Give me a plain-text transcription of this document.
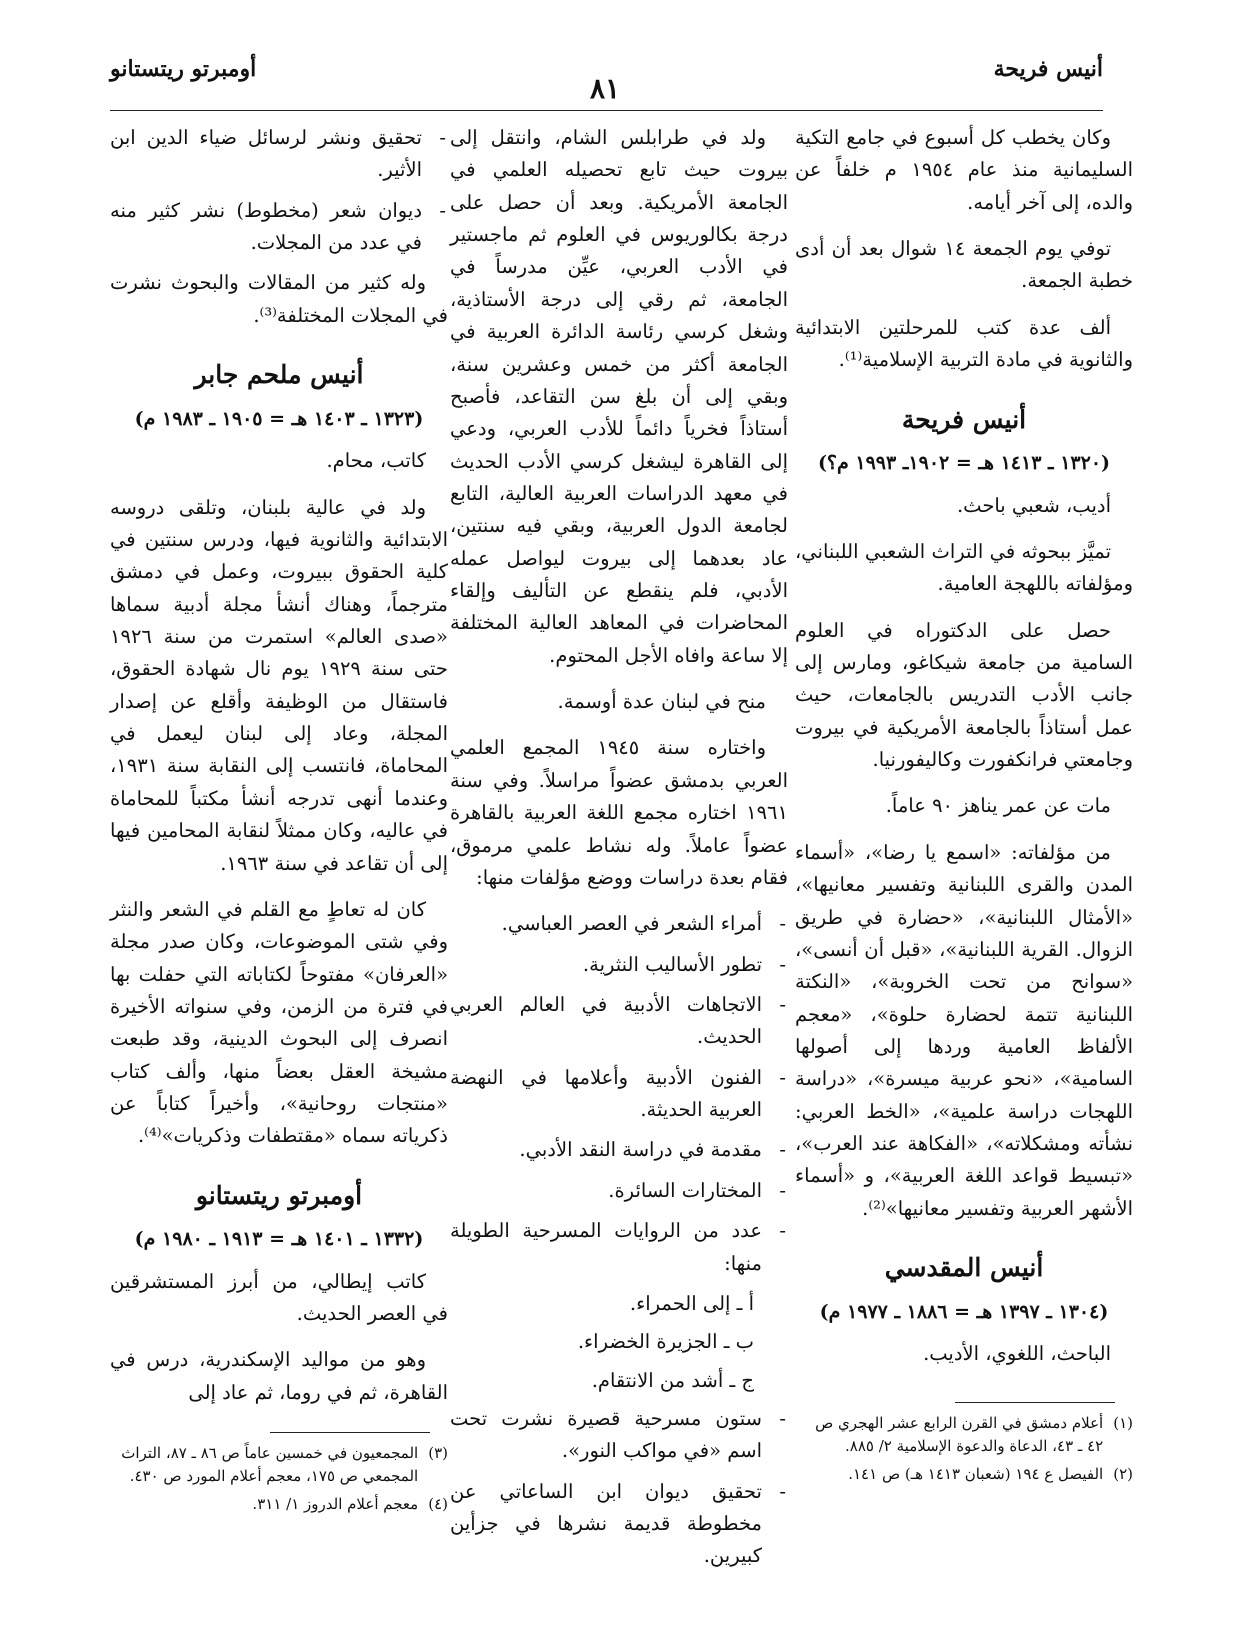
أنيس فريحة
٨١
أومبرتو ريتستانو

وكان يخطب كل أسبوع في جامع التكية السليمانية منذ عام ١٩٥٤ م خلفاً عن والده، إلى آخر أيامه.

توفي يوم الجمعة ١٤ شوال بعد أن أدى خطبة الجمعة.

ألف عدة كتب للمرحلتين الابتدائية والثانوية في مادة التربية الإسلامية⁽¹⁾.

أنيس فريحة
(١٣٢٠ ـ ١٤١٣ هـ = ١٩٠٢ـ ١٩٩٣ م؟)

أديب، شعبي باحث.

تميَّز ببحوثه في التراث الشعبي اللبناني، ومؤلفاته باللهجة العامية.

حصل على الدكتوراه في العلوم السامية من جامعة شيكاغو، ومارس إلى جانب الأدب التدريس بالجامعات، حيث عمل أستاذاً بالجامعة الأمريكية في بيروت وجامعتي فرانكفورت وكاليفورنيا.

مات عن عمر يناهز ٩٠ عاماً.

من مؤلفاته: «اسمع يا رضا»، «أسماء المدن والقرى اللبنانية وتفسير معانيها»، «الأمثال اللبنانية»، «حضارة في طريق الزوال. القرية اللبنانية»، «قبل أن أنسى»، «سوانح من تحت الخروبة»، «النكتة اللبنانية تتمة لحضارة حلوة»، «معجم الألفاظ العامية وردها إلى أصولها السامية»، «نحو عربية ميسرة»، «دراسة اللهجات دراسة علمية»، «الخط العربي: نشأته ومشكلاته»، «الفكاهة عند العرب»، «تبسيط قواعد اللغة العربية»، و «أسماء الأشهر العربية وتفسير معانيها»⁽²⁾.

أنيس المقدسي
(١٣٠٤ ـ ١٣٩٧ هـ = ١٨٨٦ ـ ١٩٧٧ م)

الباحث، اللغوي، الأديب.

(١)
أعلام دمشق في القرن الرابع عشر الهجري ص ٤٢ ـ ٤٣، الدعاة والدعوة الإسلامية ٢/ ٨٨٥.
(٢)
الفيصل ع ١٩٤ (شعبان ١٤١٣ هـ) ص ١٤١.

ولد في طرابلس الشام، وانتقل إلى بيروت حيث تابع تحصيله العلمي في الجامعة الأمريكية. وبعد أن حصل على درجة بكالوريوس في العلوم ثم ماجستير في الأدب العربي، عيِّن مدرساً في الجامعة، ثم رقي إلى درجة الأستاذية، وشغل كرسي رئاسة الدائرة العربية في الجامعة أكثر من خمس وعشرين سنة، وبقي إلى أن بلغ سن التقاعد، فأصبح أستاذاً فخرياً دائماً للأدب العربي، ودعي إلى القاهرة ليشغل كرسي الأدب الحديث في معهد الدراسات العربية العالية، التابع لجامعة الدول العربية، وبقي فيه سنتين، عاد بعدهما إلى بيروت ليواصل عمله الأدبي، فلم ينقطع عن التأليف وإلقاء المحاضرات في المعاهد العالية المختلفة إلا ساعة وافاه الأجل المحتوم.

منح في لبنان عدة أوسمة.

واختاره سنة ١٩٤٥ المجمع العلمي العربي بدمشق عضواً مراسلاً. وفي سنة ١٩٦١ اختاره مجمع اللغة العربية بالقاهرة عضواً عاملاً. وله نشاط علمي مرموق، فقام بعدة دراسات ووضع مؤلفات منها:

- أمراء الشعر في العصر العباسي.
- تطور الأساليب النثرية.
- الاتجاهات الأدبية في العالم العربي الحديث.
- الفنون الأدبية وأعلامها في النهضة العربية الحديثة.
- مقدمة في دراسة النقد الأدبي.
- المختارات السائرة.
- عدد من الروايات المسرحية الطويلة منها:
أ ـ إلى الحمراء.
ب ـ الجزيرة الخضراء.
ج ـ أشد من الانتقام.
- ستون مسرحية قصيرة نشرت تحت اسم «في مواكب النور».
- تحقيق ديوان ابن الساعاتي عن مخطوطة قديمة نشرها في جزأين كبيرين.
- تحقيق ونشر لرسائل ضياء الدين ابن الأثير.
- ديوان شعر (مخطوط) نشر كثير منه في عدد من المجلات.

وله كثير من المقالات والبحوث نشرت في المجلات المختلفة⁽³⁾.

أنيس ملحم جابر
(١٣٢٣ ـ ١٤٠٣ هـ = ١٩٠٥ ـ ١٩٨٣ م)

كاتب، محام.

ولد في عالية بلبنان، وتلقى دروسه الابتدائية والثانوية فيها، ودرس سنتين في كلية الحقوق ببيروت، وعمل في دمشق مترجماً، وهناك أنشأ مجلة أدبية سماها «صدى العالم» استمرت من سنة ١٩٢٦ حتى سنة ١٩٢٩ يوم نال شهادة الحقوق، فاستقال من الوظيفة وأقلع عن إصدار المجلة، وعاد إلى لبنان ليعمل في المحاماة، فانتسب إلى النقابة سنة ١٩٣١، وعندما أنهى تدرجه أنشأ مكتباً للمحاماة في عاليه، وكان ممثلاً لنقابة المحامين فيها إلى أن تقاعد في سنة ١٩٦٣.

كان له تعاطٍ مع القلم في الشعر والنثر وفي شتى الموضوعات، وكان صدر مجلة «العرفان» مفتوحاً لكتاباته التي حفلت بها في فترة من الزمن، وفي سنواته الأخيرة انصرف إلى البحوث الدينية، وقد طبعت مشيخة العقل بعضاً منها، وألف كتاب «منتجات روحانية»، وأخيراً كتاباً عن ذكرياته سماه «مقتطفات وذكريات»⁽⁴⁾.

أومبرتو ريتستانو
(١٣٣٢ ـ ١٤٠١ هـ = ١٩١٣ ـ ١٩٨٠ م)

كاتب إيطالي، من أبرز المستشرقين في العصر الحديث.

وهو من مواليد الإسكندرية، درس في القاهرة، ثم في روما، ثم عاد إلى

(٣)
المجمعيون في خمسين عاماً ص ٨٦ ـ ٨٧، التراث المجمعي ص ١٧٥، معجم أعلام المورد ص ٤٣٠.
(٤)
معجم أعلام الدروز ١/ ٣١١.
